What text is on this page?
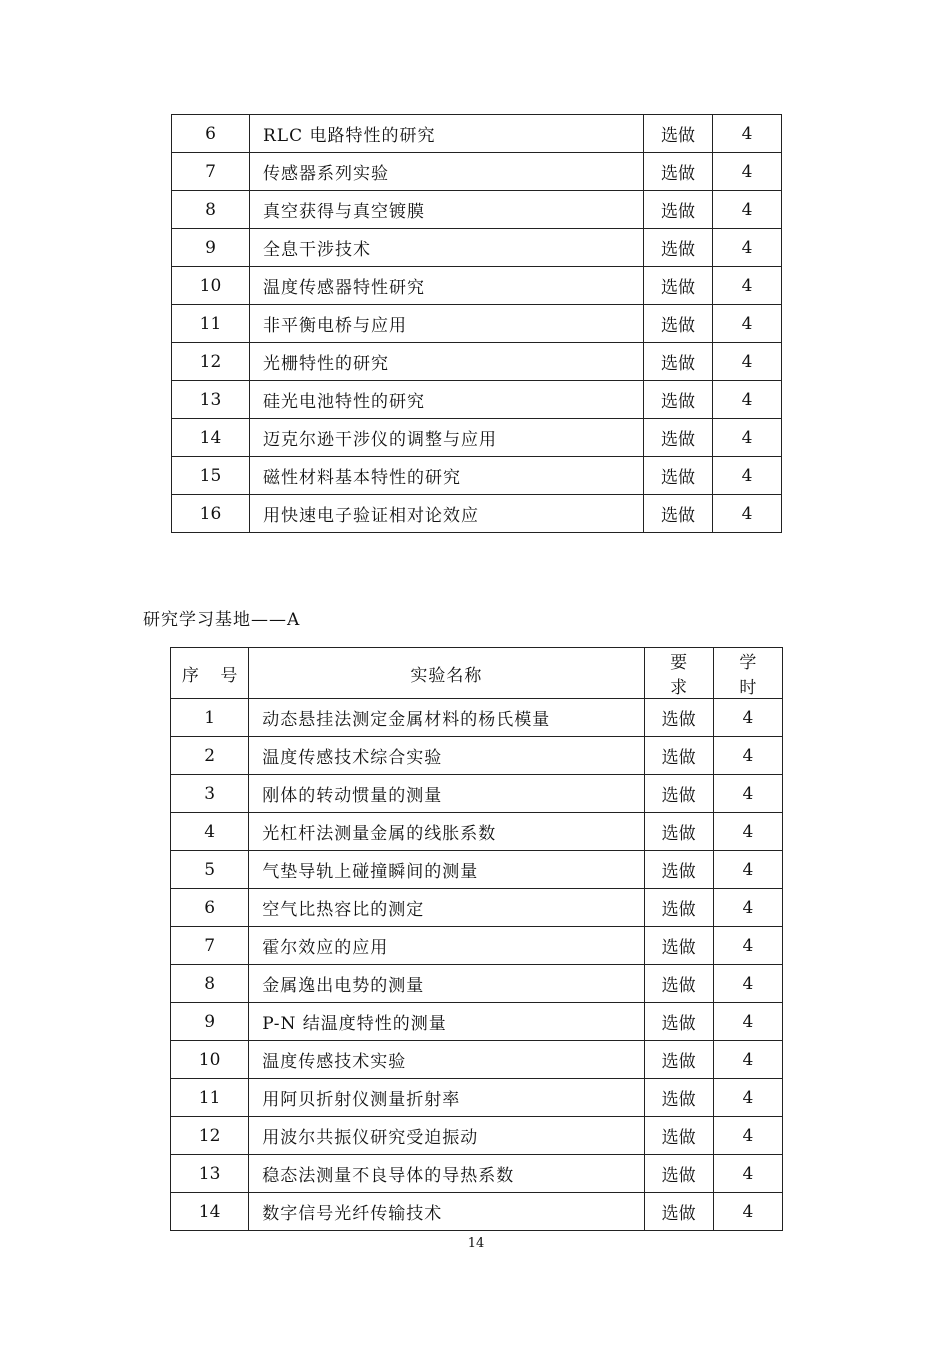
6	RLC 电路特性的研究	选做	4
7	传感器系列实验	选做	4
8	真空获得与真空镀膜	选做	4
9	全息干涉技术	选做	4
10	温度传感器特性研究	选做	4
11	非平衡电桥与应用	选做	4
12	光栅特性的研究	选做	4
13	硅光电池特性的研究	选做	4
14	迈克尔逊干涉仪的调整与应用	选做	4
15	磁性材料基本特性的研究	选做	4
16	用快速电子验证相对论效应	选做	4
研究学习基地——A
序 号	实验名称	要 求	学 时
1	动态悬挂法测定金属材料的杨氏模量	选做	4
2	温度传感技术综合实验	选做	4
3	刚体的转动惯量的测量	选做	4
4	光杠杆法测量金属的线胀系数	选做	4
5	气垫导轨上碰撞瞬间的测量	选做	4
6	空气比热容比的测定	选做	4
7	霍尔效应的应用	选做	4
8	金属逸出电势的测量	选做	4
9	P-N 结温度特性的测量	选做	4
10	温度传感技术实验	选做	4
11	用阿贝折射仪测量折射率	选做	4
12	用波尔共振仪研究受迫振动	选做	4
13	稳态法测量不良导体的导热系数	选做	4
14	数字信号光纤传输技术	选做	4
14
